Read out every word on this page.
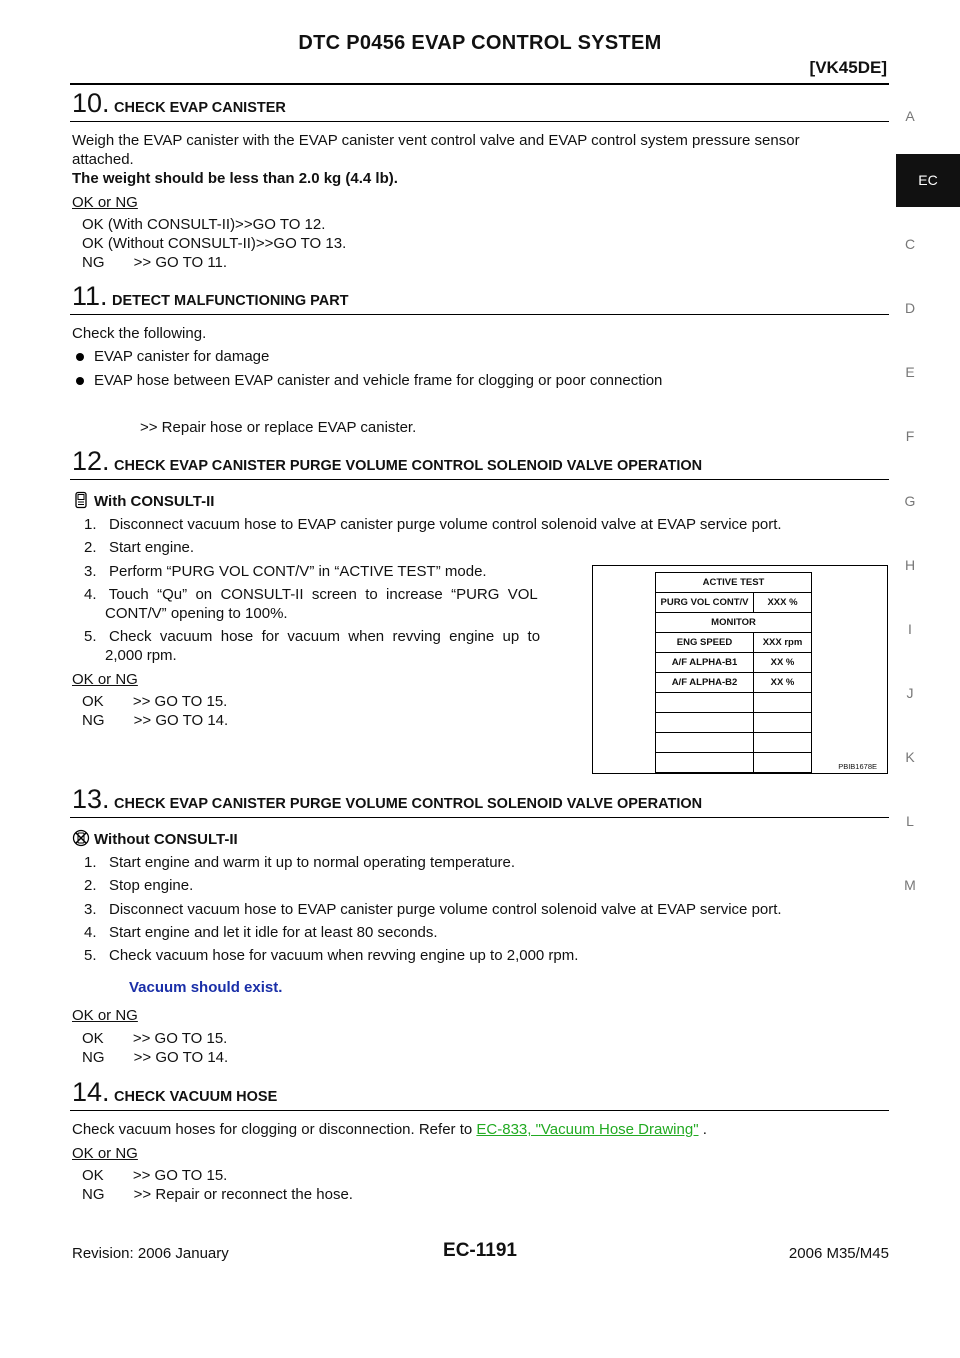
DTC P0456 EVAP CONTROL SYSTEM
[VK45DE]
A
EC
C
D
E
F
G
H
I
J
K
L
M
10. CHECK EVAP CANISTER
Weigh the EVAP canister with the EVAP canister vent control valve and EVAP control system pressure sensor
attached.
The weight should be less than 2.0 kg (4.4 lb).
OK or NG
OK (With CONSULT-II)>>GO TO 12.
OK (Without CONSULT-II)>>GO TO 13.
NG       >> GO TO 11.
11. DETECT MALFUNCTIONING PART
Check the following.
EVAP canister for damage
EVAP hose between EVAP canister and vehicle frame for clogging or poor connection
>> Repair hose or replace EVAP canister.
12. CHECK EVAP CANISTER PURGE VOLUME CONTROL SOLENOID VALVE OPERATION
With CONSULT-II
1.   Disconnect vacuum hose to EVAP canister purge volume control solenoid valve at EVAP service port.
2.   Start engine.
3.   Perform “PURG VOL CONT/V” in “ACTIVE TEST” mode.
4.   Touch  “Qu”  on  CONSULT-II  screen  to  increase  “PURG  VOL
CONT/V” opening to 100%.
5.   Check  vacuum  hose  for  vacuum  when  revving  engine  up  to
2,000 rpm.
OK or NG
OK       >> GO TO 15.
NG       >> GO TO 14.
ACTIVE TEST	
PURG VOL CONT/V	XXX %
MONITOR	
ENG SPEED	XXX rpm
A/F ALPHA-B1	XX %
A/F ALPHA-B2	XX %

PBIB1678E
13. CHECK EVAP CANISTER PURGE VOLUME CONTROL SOLENOID VALVE OPERATION
Without CONSULT-II
1.   Start engine and warm it up to normal operating temperature.
2.   Stop engine.
3.   Disconnect vacuum hose to EVAP canister purge volume control solenoid valve at EVAP service port.
4.   Start engine and let it idle for at least 80 seconds.
5.   Check vacuum hose for vacuum when revving engine up to 2,000 rpm.
Vacuum should exist.
OK or NG
OK       >> GO TO 15.
NG       >> GO TO 14.
14. CHECK VACUUM HOSE
Check vacuum hoses for clogging or disconnection. Refer to EC-833, "Vacuum Hose Drawing" .
OK or NG
OK       >> GO TO 15.
NG       >> Repair or reconnect the hose.
Revision: 2006 January	EC-1191	2006 M35/M45
